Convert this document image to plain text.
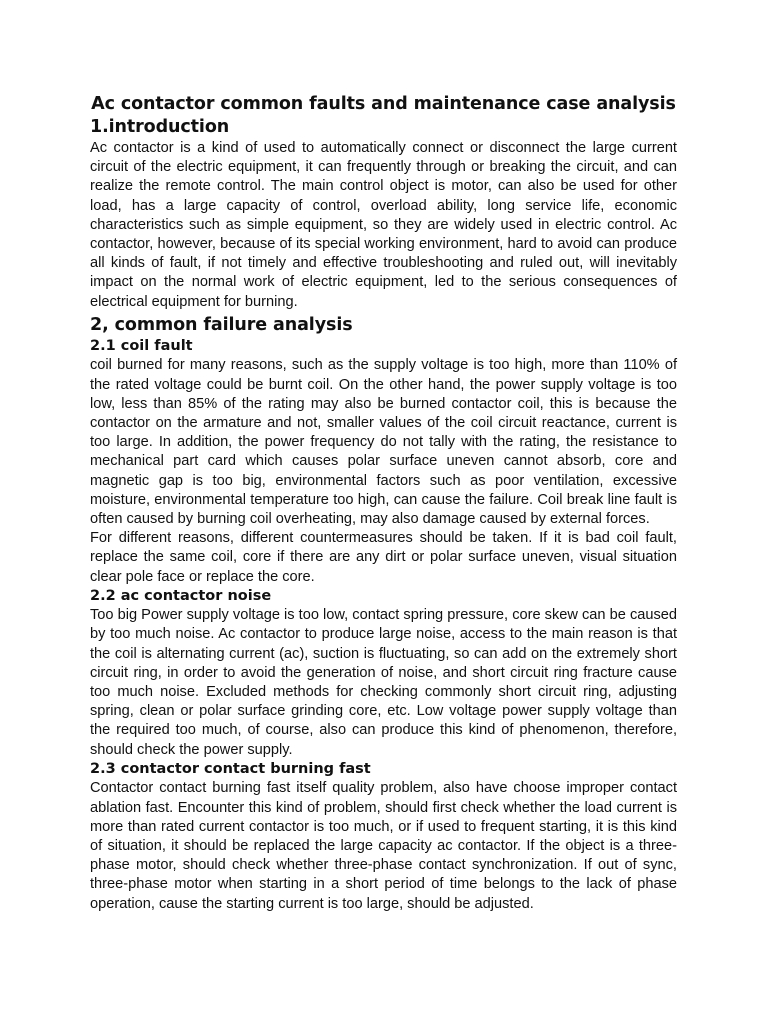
Ac contactor common faults and maintenance case analysis
1.introduction

Ac contactor is a kind of used to automatically connect or disconnect the large current circuit of the electric equipment, it can frequently through or breaking the circuit, and can realize the remote control. The main control object is motor, can also be used for other load, has a large capacity of control, overload ability, long service life, economic characteristics such as simple equipment, so they are widely used in electric control. Ac contactor, however, because of its special working environment, hard to avoid can produce all kinds of fault, if not timely and effective troubleshooting and ruled out, will inevitably impact on the normal work of electric equipment, led to the serious consequences of electrical equipment for burning.

2, common failure analysis
2.1 coil fault

coil burned for many reasons, such as the supply voltage is too high, more than 110% of the rated voltage could be burnt coil. On the other hand, the power supply voltage is too low, less than 85% of the rating may also be burned contactor coil, this is because the contactor on the armature and not, smaller values of the coil circuit reactance, current is too large. In addition, the power frequency do not tally with the rating, the resistance to mechanical part card which causes polar surface uneven cannot absorb, core and magnetic gap is too big, environmental factors such as poor ventilation, excessive moisture, environmental temperature too high, can cause the failure. Coil break line fault is often caused by burning coil overheating, may also damage caused by external forces.

For different reasons, different countermeasures should be taken. If it is bad coil fault, replace the same coil, core if there are any dirt or polar surface uneven, visual situation clear pole face or replace the core.

2.2 ac contactor noise

Too big Power supply voltage is too low, contact spring pressure, core skew can be caused by too much noise. Ac contactor to produce large noise, access to the main reason is that the coil is alternating current (ac), suction is fluctuating, so can add on the extremely short circuit ring, in order to avoid the generation of noise, and short circuit ring fracture cause too much noise. Excluded methods for checking commonly short circuit ring, adjusting spring, clean or polar surface grinding core, etc. Low voltage power supply voltage than the required too much, of course, also can produce this kind of phenomenon, therefore, should check the power supply.

2.3 contactor contact burning fast

Contactor contact burning fast itself quality problem, also have choose improper contact ablation fast. Encounter this kind of problem, should first check whether the load current is more than rated current contactor is too much, or if used to frequent starting, it is this kind of situation, it should be replaced the large capacity ac contactor. If the object is a three-phase motor, should check whether three-phase contact synchronization. If out of sync, three-phase motor when starting in a short period of time belongs to the lack of phase operation, cause the starting current is too large, should be adjusted.
